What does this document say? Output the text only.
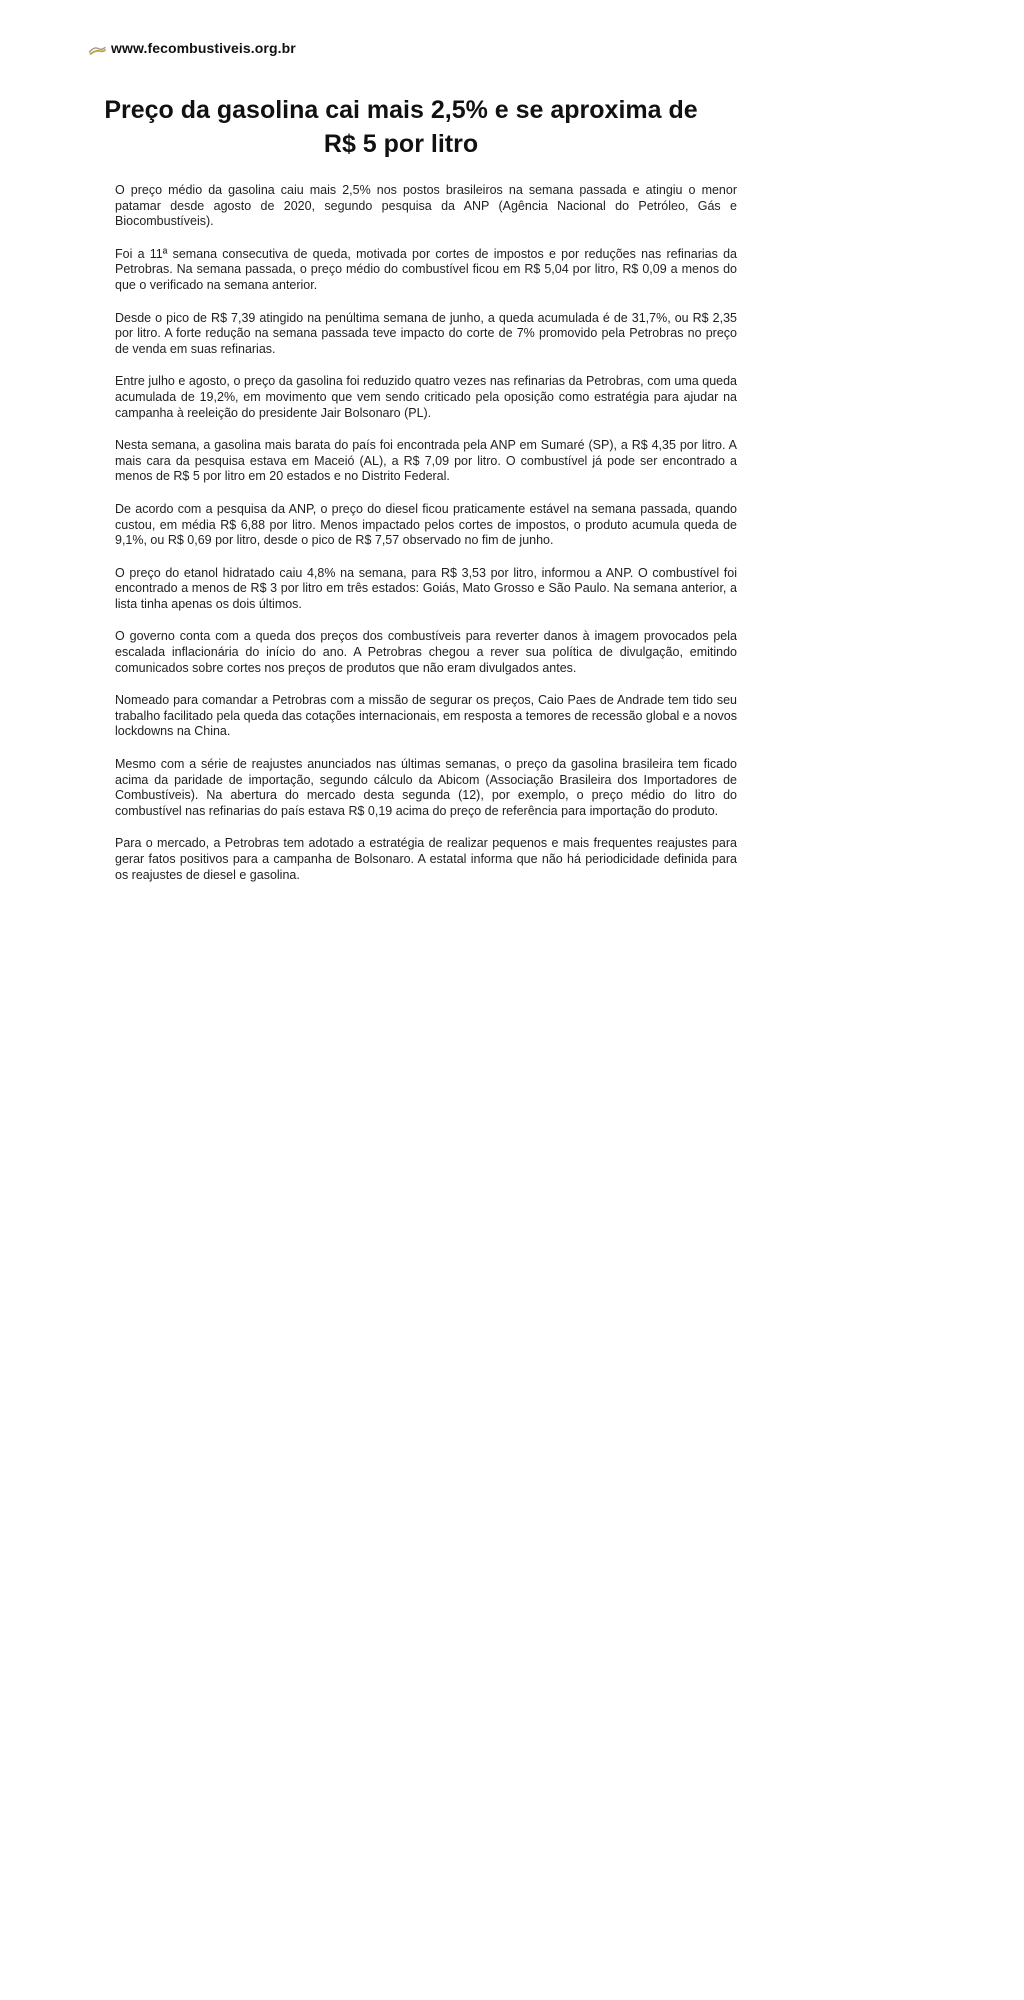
www.fecombustiveis.org.br
Preço da gasolina cai mais 2,5% e se aproxima de
R$ 5 por litro

O preço médio da gasolina caiu mais 2,5% nos postos brasileiros na semana passada e atingiu o menor patamar desde agosto de 2020, segundo pesquisa da ANP (Agência Nacional do Petróleo, Gás e Biocombustíveis).

Foi a 11ª semana consecutiva de queda, motivada por cortes de impostos e por reduções nas refinarias da Petrobras. Na semana passada, o preço médio do combustível ficou em R$ 5,04 por litro, R$ 0,09 a menos do que o verificado na semana anterior.

Desde o pico de R$ 7,39 atingido na penúltima semana de junho, a queda acumulada é de 31,7%, ou R$ 2,35 por litro. A forte redução na semana passada teve impacto do corte de 7% promovido pela Petrobras no preço de venda em suas refinarias.

Entre julho e agosto, o preço da gasolina foi reduzido quatro vezes nas refinarias da Petrobras, com uma queda acumulada de 19,2%, em movimento que vem sendo criticado pela oposição como estratégia para ajudar na campanha à reeleição do presidente Jair Bolsonaro (PL).

Nesta semana, a gasolina mais barata do país foi encontrada pela ANP em Sumaré (SP), a R$ 4,35 por litro. A mais cara da pesquisa estava em Maceió (AL), a R$ 7,09 por litro. O combustível já pode ser encontrado a menos de R$ 5 por litro em 20 estados e no Distrito Federal.

De acordo com a pesquisa da ANP, o preço do diesel ficou praticamente estável na semana passada, quando custou, em média R$ 6,88 por litro. Menos impactado pelos cortes de impostos, o produto acumula queda de 9,1%, ou R$ 0,69 por litro, desde o pico de R$ 7,57 observado no fim de junho.

O preço do etanol hidratado caiu 4,8% na semana, para R$ 3,53 por litro, informou a ANP. O combustível foi encontrado a menos de R$ 3 por litro em três estados: Goiás, Mato Grosso e São Paulo. Na semana anterior, a lista tinha apenas os dois últimos.

O governo conta com a queda dos preços dos combustíveis para reverter danos à imagem provocados pela escalada inflacionária do início do ano. A Petrobras chegou a rever sua política de divulgação, emitindo comunicados sobre cortes nos preços de produtos que não eram divulgados antes.

Nomeado para comandar a Petrobras com a missão de segurar os preços, Caio Paes de Andrade tem tido seu trabalho facilitado pela queda das cotações internacionais, em resposta a temores de recessão global e a novos lockdowns na China.

Mesmo com a série de reajustes anunciados nas últimas semanas, o preço da gasolina brasileira tem ficado acima da paridade de importação, segundo cálculo da Abicom (Associação Brasileira dos Importadores de Combustíveis). Na abertura do mercado desta segunda (12), por exemplo, o preço médio do litro do combustível nas refinarias do país estava R$ 0,19 acima do preço de referência para importação do produto.

Para o mercado, a Petrobras tem adotado a estratégia de realizar pequenos e mais frequentes reajustes para gerar fatos positivos para a campanha de Bolsonaro. A estatal informa que não há periodicidade definida para os reajustes de diesel e gasolina.
